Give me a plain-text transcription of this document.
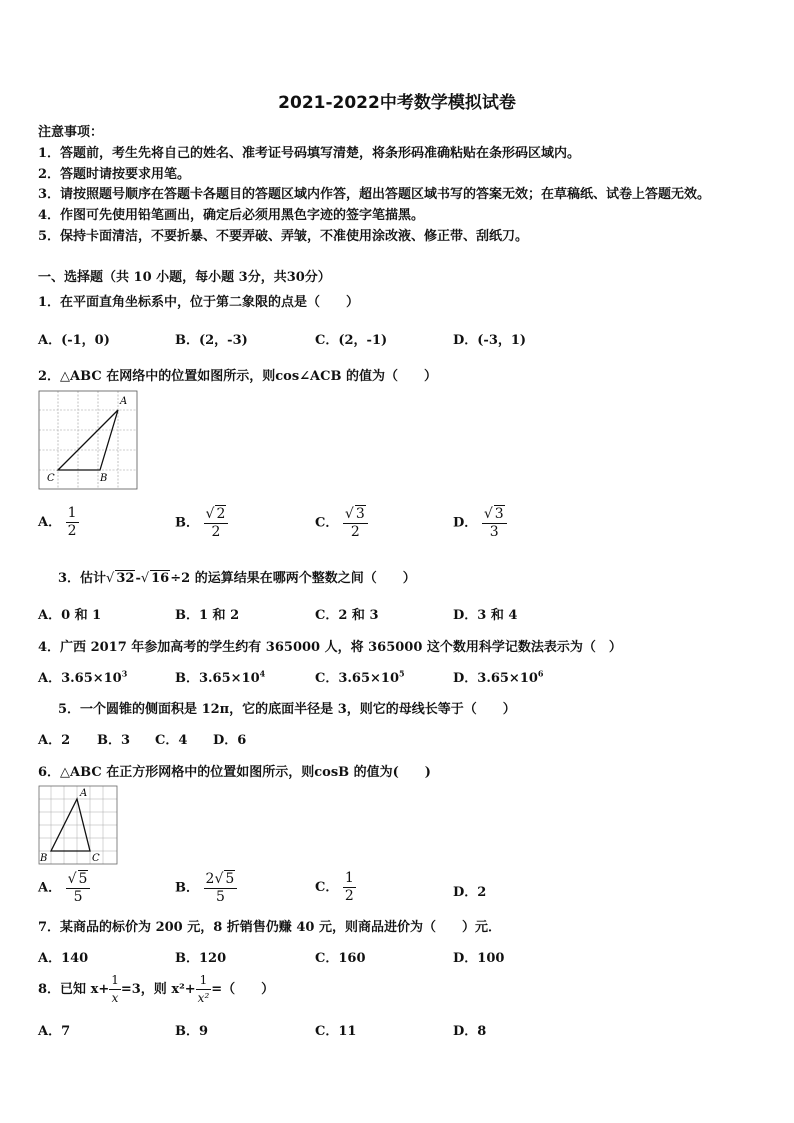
2021-2022中考数学模拟试卷
注意事项：
1．答题前，考生先将自己的姓名、准考证号码填写清楚，将条形码准确粘贴在条形码区域内。
2．答题时请按要求用笔。
3．请按照题号顺序在答题卡各题目的答题区域内作答，超出答题区域书写的答案无效；在草稿纸、试卷上答题无效。
4．作图可先使用铅笔画出，确定后必须用黑色字迹的签字笔描黑。
5．保持卡面清洁，不要折暴、不要弄破、弄皱，不准使用涂改液、修正带、刮纸刀。
一、选择题（共 10 小题，每小题 3分，共30分）
1．在平面直角坐标系中，位于第二象限的点是（　　）
A．(-1，0)	B．(2，-3)	C．(2，-1)	D．(-3，1)
2．△ABC 在网络中的位置如图所示，则cos∠ACB 的值为（　　）
A
B
C
A． $\frac{1}{2}$	B． $\frac{√ 2}{2}$	C． $\frac{√ 3}{2}$	D． $\frac{√ 3}{3}$
3．估计√ 32-√ 16÷2 的运算结果在哪两个整数之间（　　）
A．0 和 1	B．1 和 2	C．2 和 3	D．3 和 4
4．广西 2017 年参加高考的学生约有 365000 人，将 365000 这个数用科学记数法表示为（　）
A．$3.65\times 10^3$	B．$3.65\times 10^4$	C．$3.65\times 10^5$	D．$3.65\times 10^6$
5．一个圆锥的侧面积是 12π，它的底面半径是 3，则它的母线长等于（　　）
A．2 B．3 C．4 D．6
6．△ABC 在正方形网格中的位置如图所示，则cosB 的值为(　　)
A
B	C
A． $\frac{√ 5}{5}$	B． $\frac{2√ 5}{5}$	C． $\frac{1}{2}$	D．2
7．某商品的标价为 200 元，8 折销售仍赚 40 元，则商品进价为（　　）元．
A．140	B．120	C．160	D．100
8．已知 $x+ \frac{1}{x} =3$，则 $x^2+ \frac{1}{\text{x²}}$ =（　　）
A．7	B．9	C．11	D．8
